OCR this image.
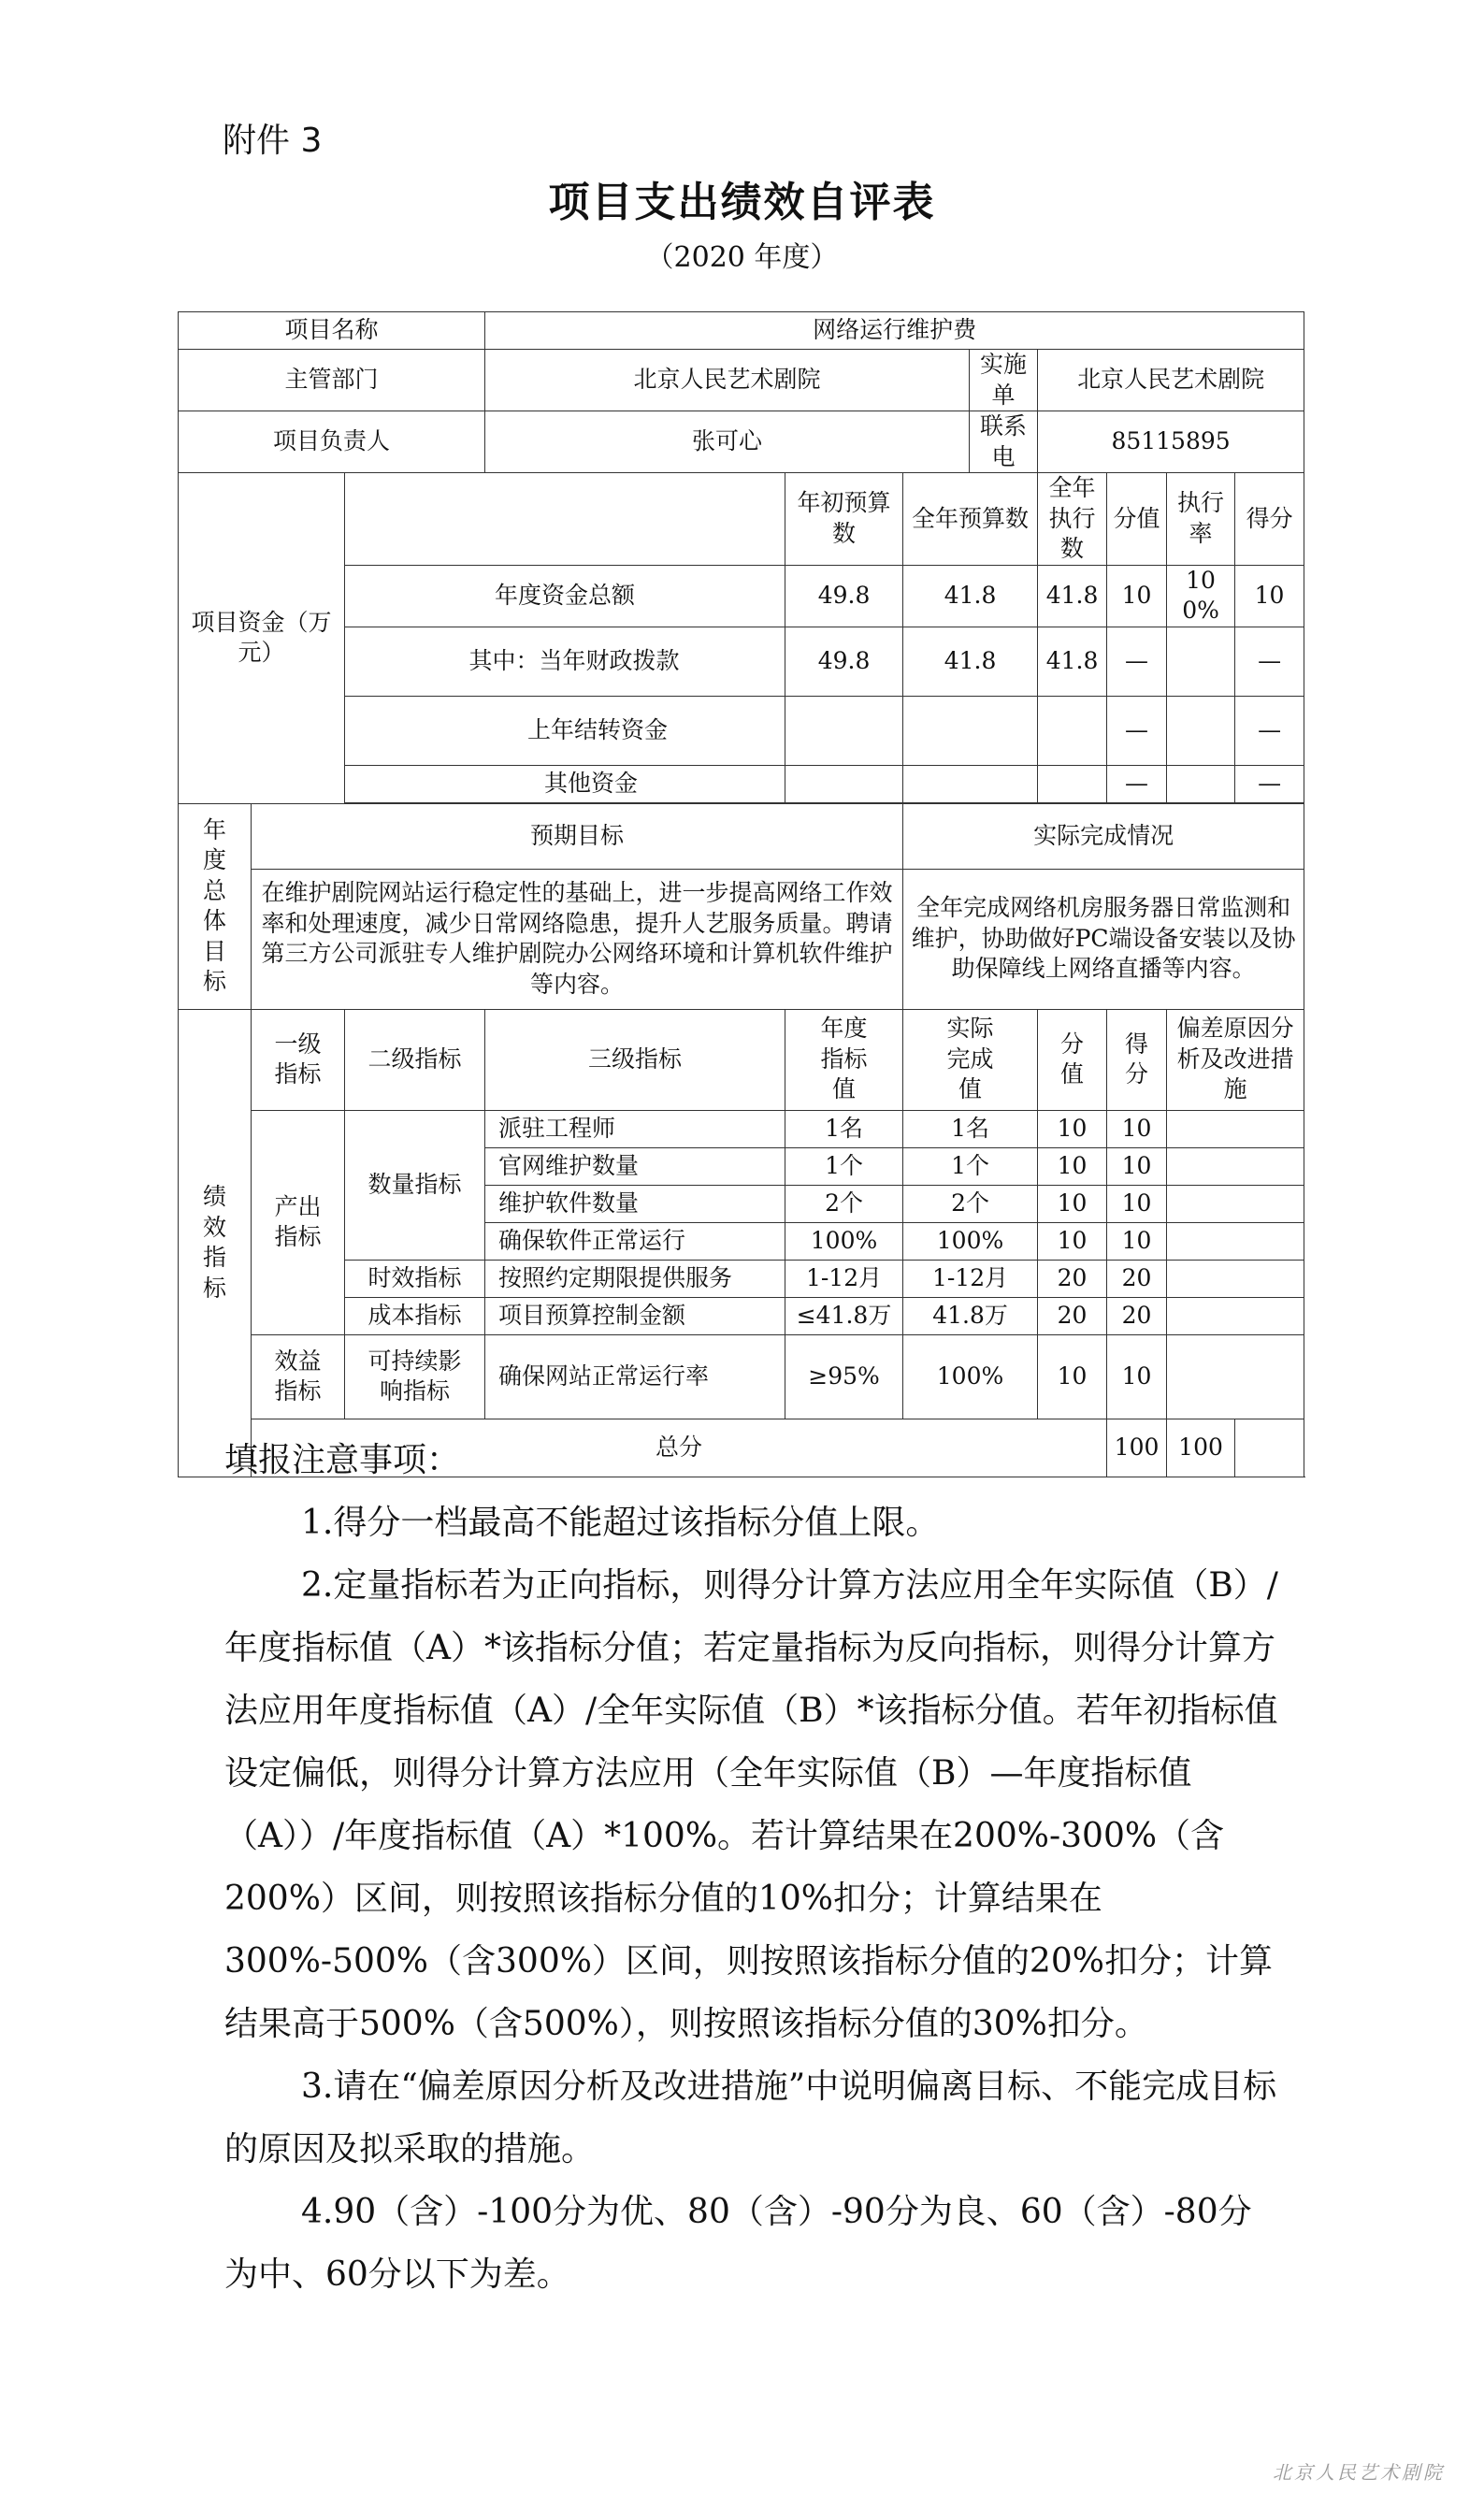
附件 3
项目支出绩效自评表
（2020 年度）
项目名称			网络运行维护费							
主管部门			北京人民艺术剧院			实施单	北京人民艺术剧院			
项目负责人			张可心			联系电	85115895			
项目资金（万元）				年初预算数	全年预算数		全年执行数	分值	执行率	得分
		年度资金总额		49.8	41.8		41.8	10	100%	10
		其中：当年财政拨款		49.8	41.8		41.8	—		—
		上年结转资金						—		—
		其他资金						—		—

年度总体目标	预期目标				实际完成情况					
	在维护剧院网站运行稳定性的基础上，进一步提高网络工作效率和处理速度，减少日常网络隐患，提升人艺服务质量。聘请第三方公司派驻专人维护剧院办公网络环境和计算机软件维护等内容。				全年完成网络机房服务器日常监测和维护，协助做好PC端设备安装以及协助保障线上网络直播等内容。					
绩效指标	一级指标	二级指标	三级指标	年度指标值	实际完成值		分值	得分	偏差原因分析及改进措施	
	产出指标	数量指标	派驻工程师	1名	1名		10	10		
			官网维护数量	1个	1个		10	10		
			维护软件数量	2个	2个		10	10		
			确保软件正常运行	100%	100%		10	10		
		时效指标	按照约定期限提供服务	1-12月	1-12月		20	20		
		成本指标	项目预算控制金额	≤41.8万	41.8万		20	20		
	效益指标	可持续影响指标	确保网站正常运行率	≥95%	100%		10	10		
	总分							100	100	

填报注意事项：

1.得分一档最高不能超过该指标分值上限。

2.定量指标若为正向指标，则得分计算方法应用全年实际值（B）/年度指标值（A）*该指标分值；若定量指标为反向指标，则得分计算方法应用年度指标值（A）/全年实际值（B）*该指标分值。若年初指标值设定偏低，则得分计算方法应用（全年实际值（B）—年度指标值（A））/年度指标值（A）*100%。若计算结果在200%-300%（含200%）区间，则按照该指标分值的10%扣分；计算结果在300%-500%（含300%）区间，则按照该指标分值的20%扣分；计算结果高于500%（含500%），则按照该指标分值的30%扣分。

3.请在“偏差原因分析及改进措施”中说明偏离目标、不能完成目标的原因及拟采取的措施。

4.90（含）-100分为优、80（含）-90分为良、60（含）-80分为中、60分以下为差。

北京人民艺术剧院
